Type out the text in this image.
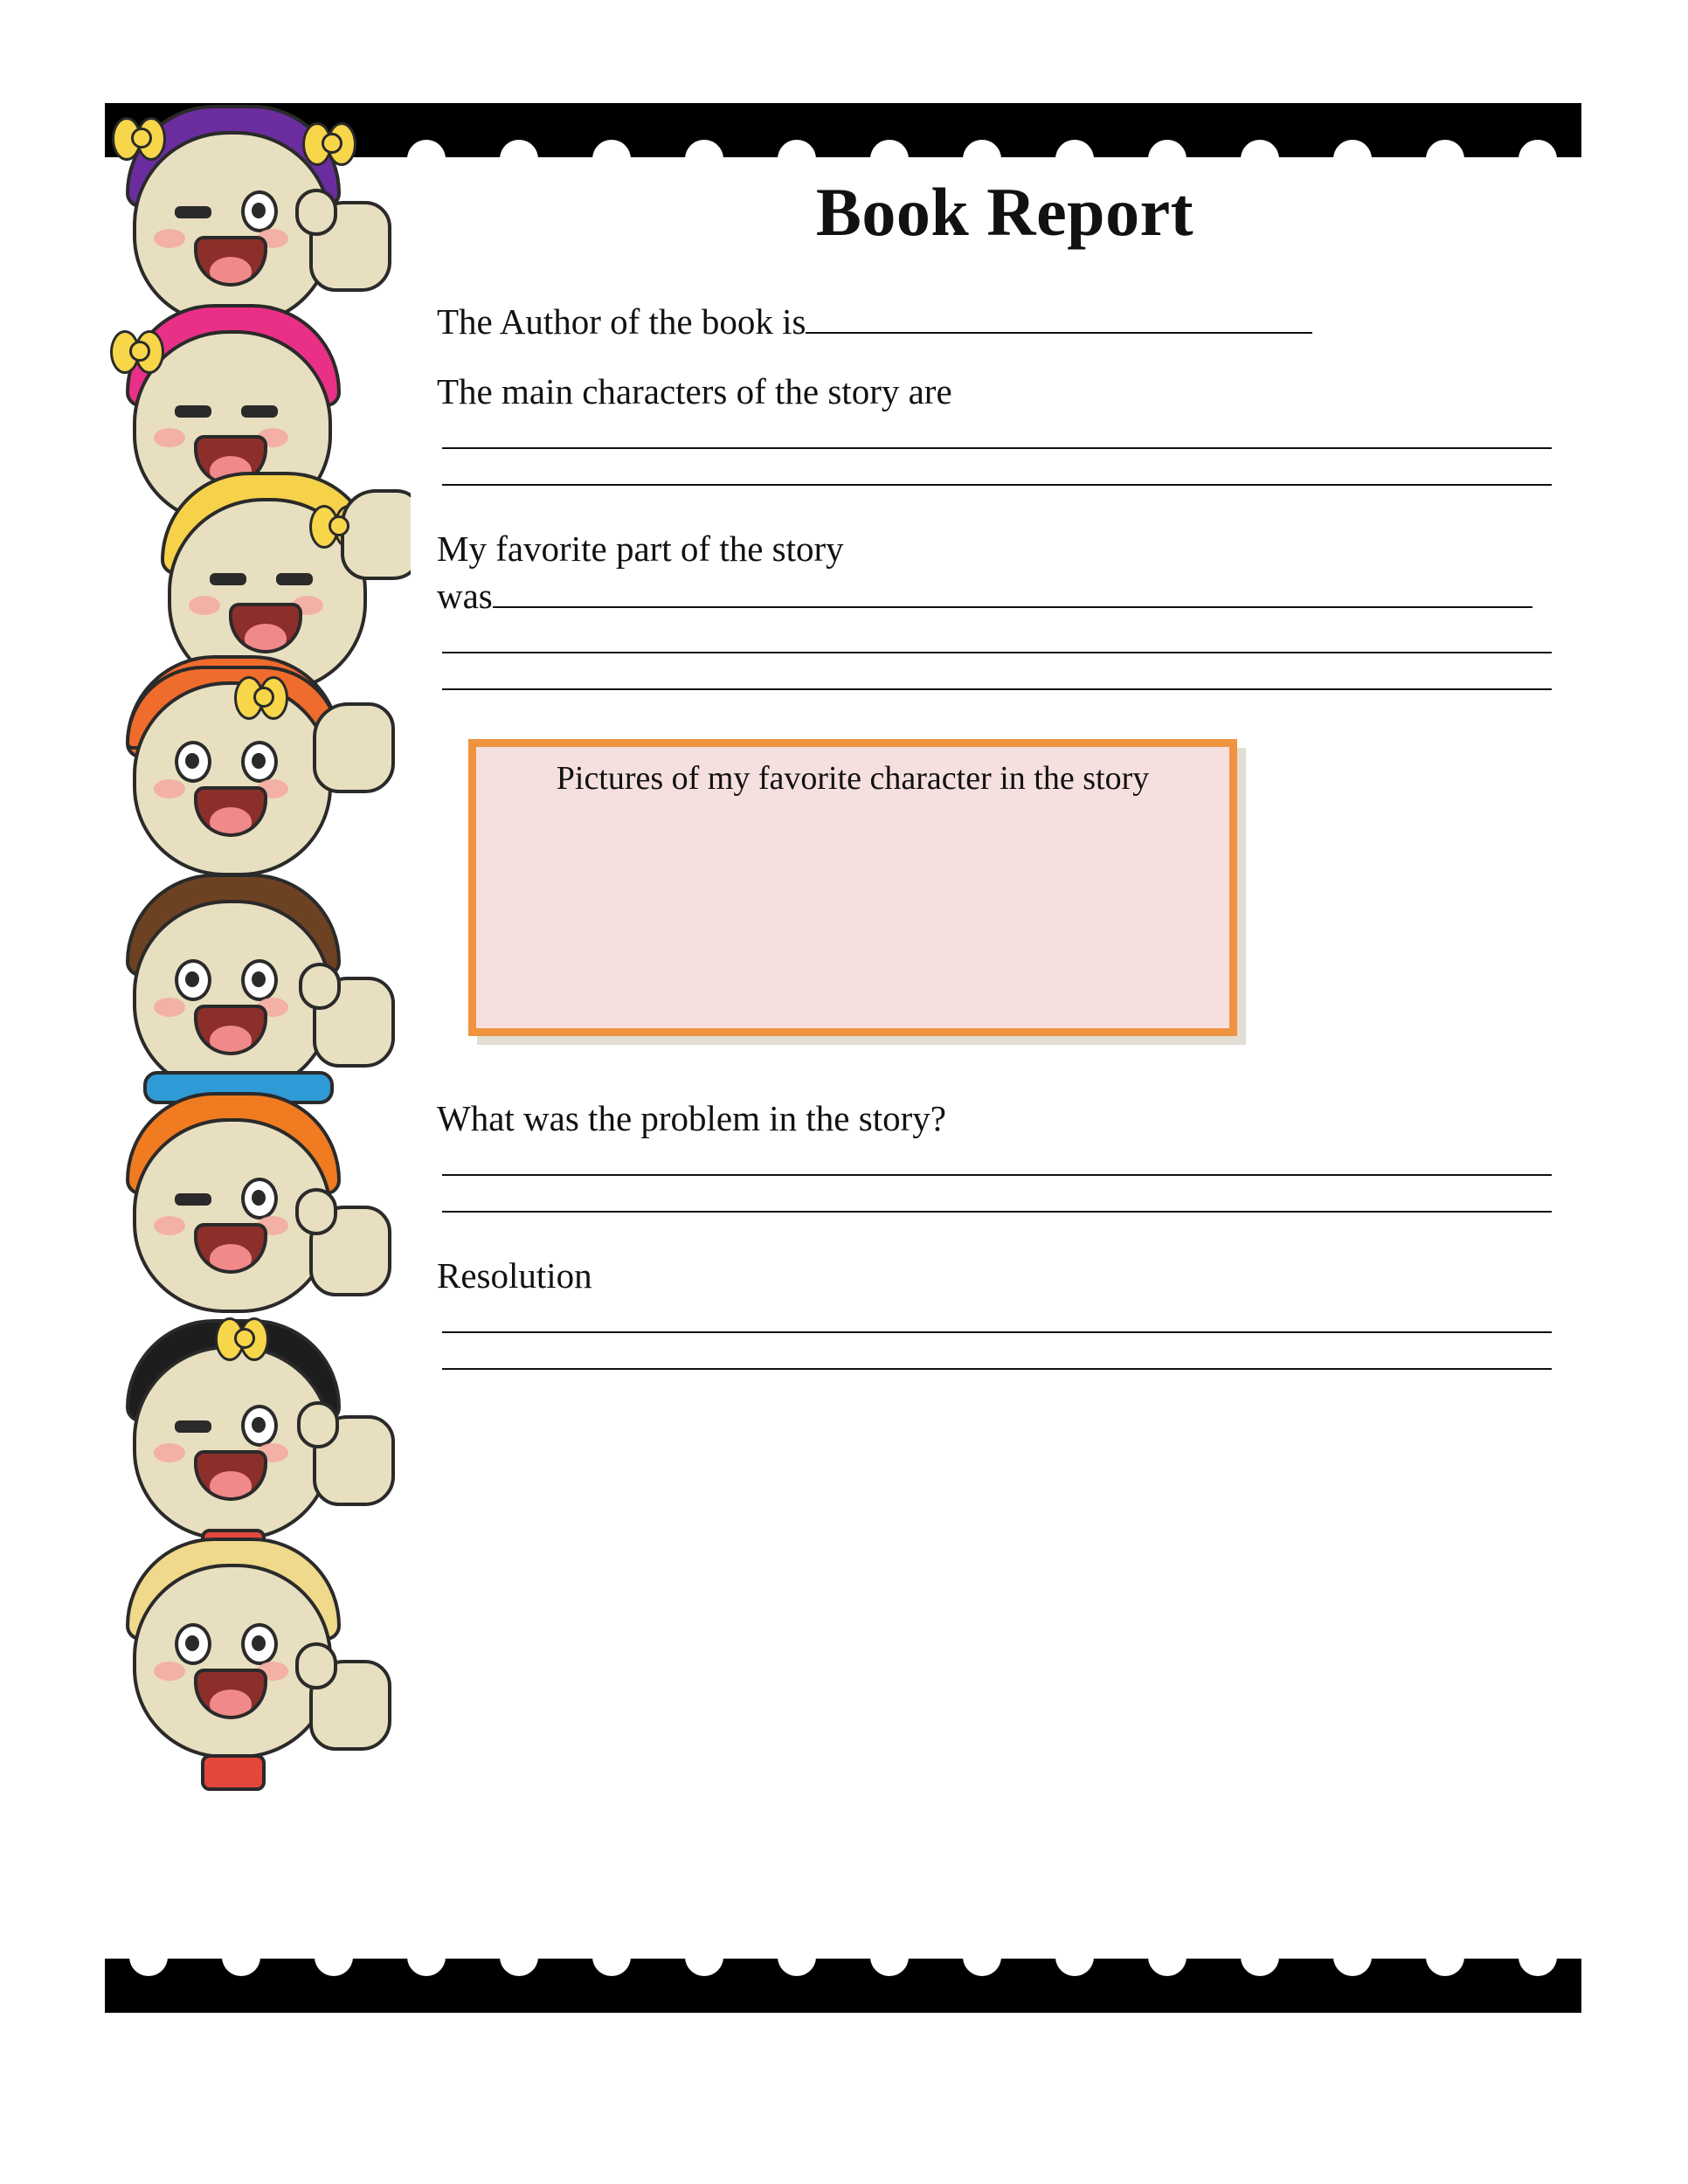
Book Report

The Author of the book is

The main characters of the story are

My favorite part of the story

was

Pictures of my favorite character in the story

What was the problem in the story?

Resolution
